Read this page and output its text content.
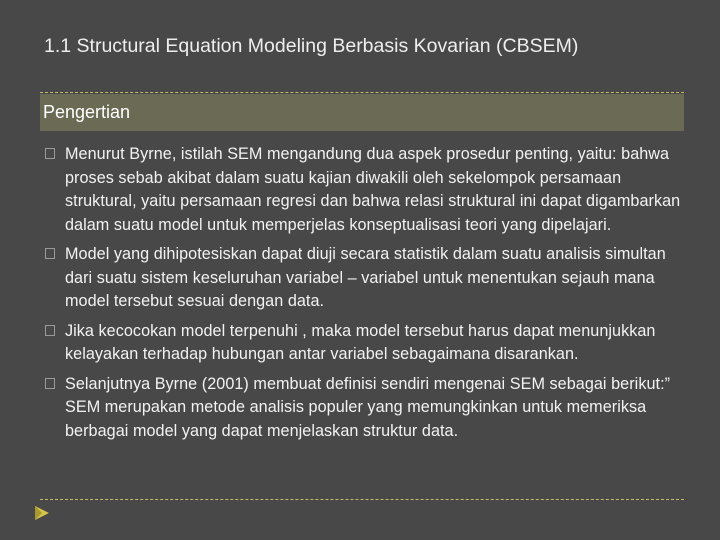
1.1 Structural Equation Modeling Berbasis Kovarian (CBSEM)
Pengertian
Menurut Byrne, istilah SEM mengandung dua aspek prosedur penting, yaitu: bahwa proses sebab akibat dalam suatu kajian diwakili oleh sekelompok persamaan struktural, yaitu persamaan regresi dan bahwa relasi struktural ini dapat digambarkan dalam suatu model untuk memperjelas konseptualisasi teori yang dipelajari.
Model yang dihipotesiskan dapat diuji secara statistik dalam suatu analisis simultan dari suatu sistem keseluruhan variabel – variabel untuk menentukan sejauh mana model tersebut sesuai dengan data.
Jika kecocokan model terpenuhi , maka model tersebut harus dapat menunjukkan kelayakan terhadap hubungan antar variabel sebagaimana disarankan.
Selanjutnya Byrne (2001) membuat definisi sendiri mengenai SEM sebagai berikut:” SEM merupakan metode analisis populer yang memungkinkan untuk memeriksa berbagai model yang dapat menjelaskan struktur data.
